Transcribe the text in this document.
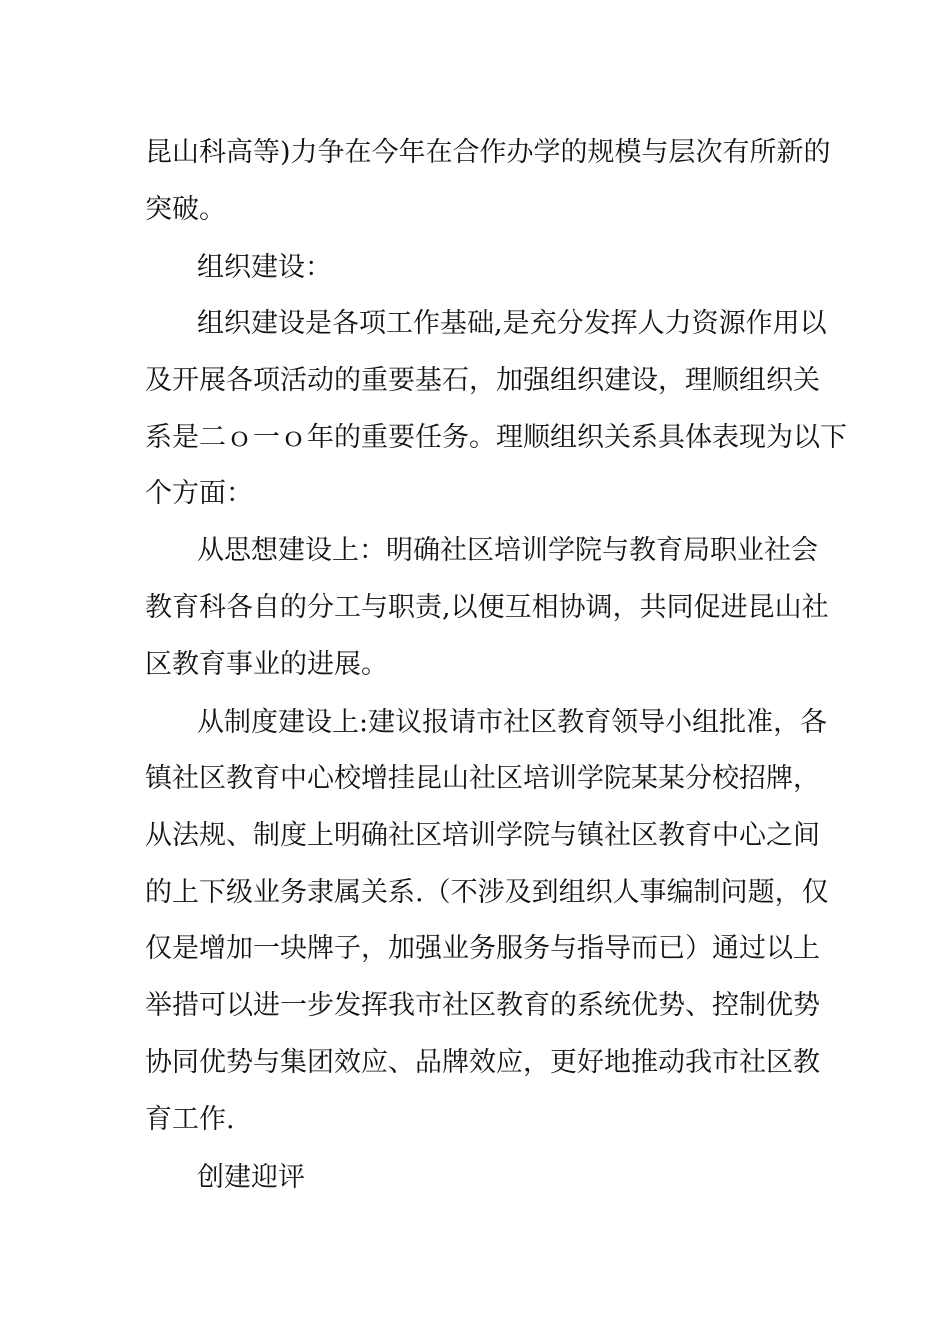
昆山科高等)力争在今年在合作办学的规模与层次有所新的
突破。
组织建设：
组织建设是各项工作基础,是充分发挥人力资源作用以
及开展各项活动的重要基石，加强组织建设，理顺组织关
系是二ｏ一ｏ年的重要任务。理顺组织关系具体表现为以下
个方面：
从思想建设上：明确社区培训学院与教育局职业社会
教育科各自的分工与职责,以便互相协调，共同促进昆山社
区教育事业的进展。
从制度建设上:建议报请市社区教育领导小组批准，各
镇社区教育中心校增挂昆山社区培训学院某某分校招牌，
从法规、制度上明确社区培训学院与镇社区教育中心之间
的上下级业务隶属关系.（不涉及到组织人事编制问题，仅
仅是增加一块牌子，加强业务服务与指导而已）通过以上
举措可以进一步发挥我市社区教育的系统优势、控制优势
协同优势与集团效应、品牌效应，更好地推动我市社区教
育工作.
创建迎评
